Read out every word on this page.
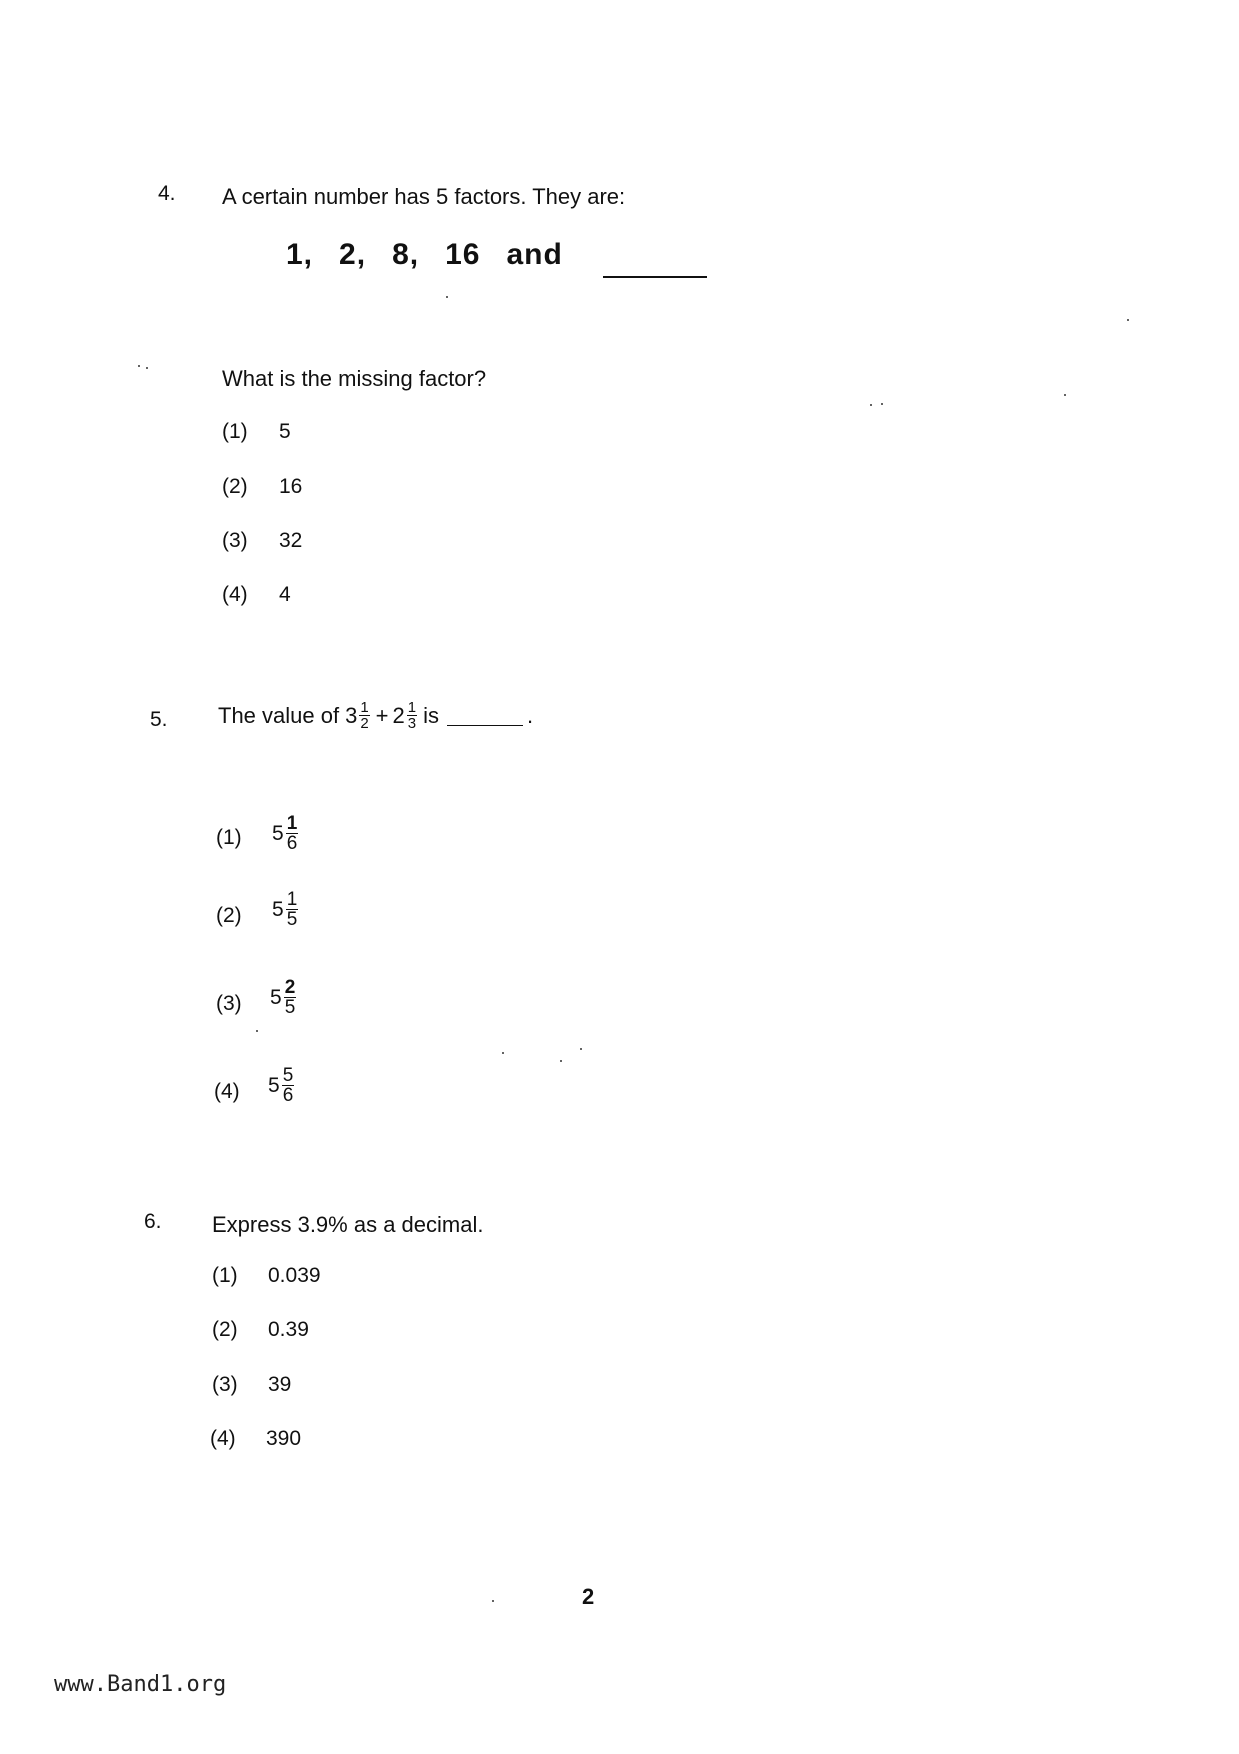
4. A certain number has 5 factors. They are:
1, 2, 8, 16 and
What is the missing factor?
(1) 5
(2) 16
(3) 32
(4) 4
5. The value of $3 \frac{1}{2} + 2 \frac{1}{3}$ is	.
(1) $5 \frac{1}{6}$
(2) $5 \frac{1}{5}$
(3) $5 \frac{2}{5}$
(4) $5 \frac{5}{6}$
6. Express 3.9% as a decimal.
(1) 0.039
(2) 0.39
(3) 39
(4) 390
2
www.Band1.org
